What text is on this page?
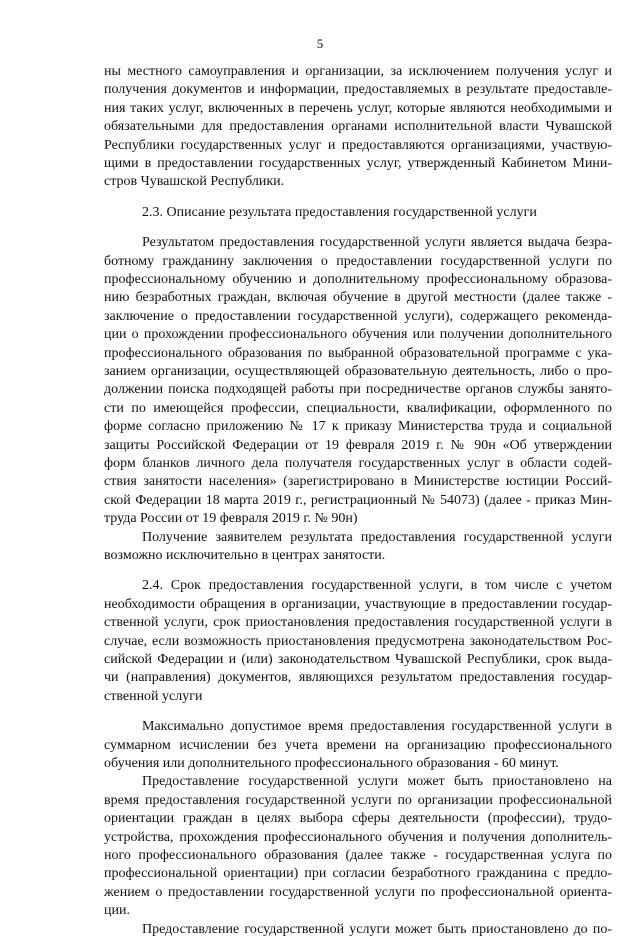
5
ны местного самоуправления и организации, за исключением получения услуг и
получения документов и информации, предоставляемых в результате предоставле-
ния таких услуг, включенных в перечень услуг, которые являются необходимыми и
обязательными для предоставления органами исполнительной власти Чувашской
Республики государственных услуг и предоставляются организациями, участвую-
щими в предоставлении государственных услуг, утвержденный Кабинетом Мини-
стров Чувашской Республики.
2.3. Описание результата предоставления государственной услуги
Результатом предоставления государственной услуги является выдача безра-
ботному гражданину заключения о предоставлении государственной услуги по
профессиональному обучению и дополнительному профессиональному образова-
нию безработных граждан, включая обучение в другой местности (далее также -
заключение о предоставлении государственной услуги), содержащего рекоменда-
ции о прохождении профессионального обучения или получении дополнительного
профессионального образования по выбранной образовательной программе с ука-
занием организации, осуществляющей образовательную деятельность, либо о про-
должении поиска подходящей работы при посредничестве органов службы занято-
сти по имеющейся профессии, специальности, квалификации, оформленного по
форме согласно приложению № 17 к приказу Министерства труда и социальной
защиты Российской Федерации от 19 февраля 2019 г. № 90н «Об утверждении
форм бланков личного дела получателя государственных услуг в области содей-
ствия занятости населения» (зарегистрировано в Министерстве юстиции Россий-
ской Федерации 18 марта 2019 г., регистрационный № 54073) (далее - приказ Мин-
труда России от 19 февраля 2019 г. № 90н)
Получение заявителем результата предоставления государственной услуги
возможно исключительно в центрах занятости.
2.4. Срок предоставления государственной услуги, в том числе с учетом
необходимости обращения в организации, участвующие в предоставлении государ-
ственной услуги, срок приостановления предоставления государственной услуги в
случае, если возможность приостановления предусмотрена законодательством Рос-
сийской Федерации и (или) законодательством Чувашской Республики, срок выда-
чи (направления) документов, являющихся результатом предоставления государ-
ственной услуги
Максимально допустимое время предоставления государственной услуги в
суммарном исчислении без учета времени на организацию профессионального
обучения или дополнительного профессионального образования - 60 минут.
Предоставление государственной услуги может быть приостановлено на
время предоставления государственной услуги по организации профессиональной
ориентации граждан в целях выбора сферы деятельности (профессии), трудо-
устройства, прохождения профессионального обучения и получения дополнитель-
ного профессионального образования (далее также - государственная услуга по
профессиональной ориентации) при согласии безработного гражданина с предло-
жением о предоставлении государственной услуги по профессиональной ориента-
ции.
Предоставление государственной услуги может быть приостановлено до по-
